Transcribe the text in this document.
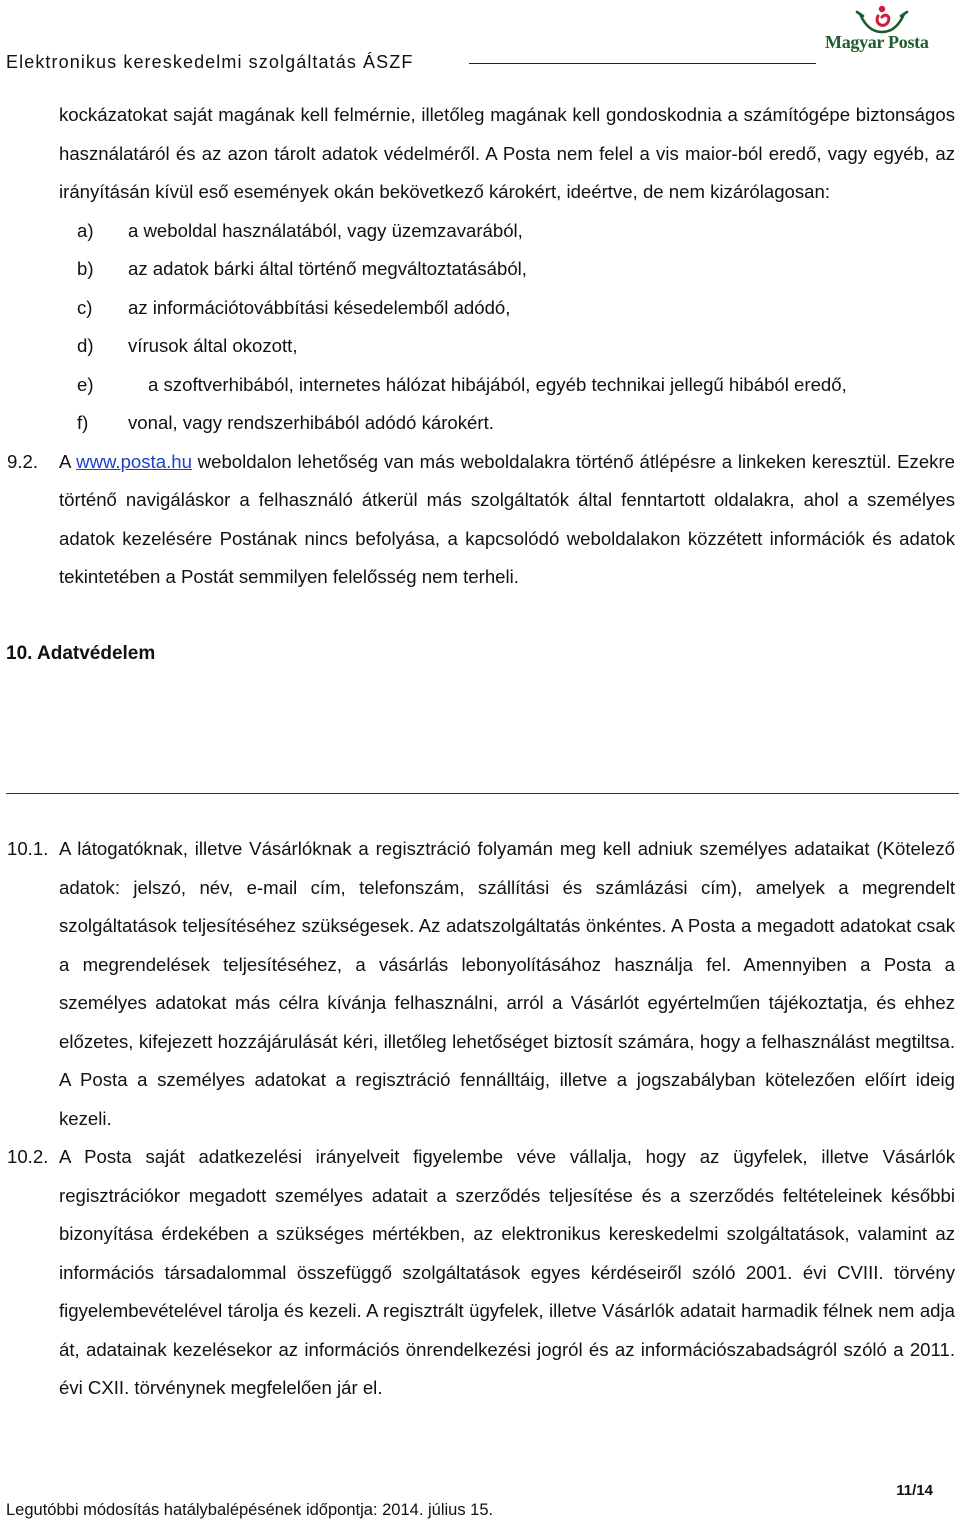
Elektronikus kereskedelmi szolgáltatás ÁSZF
Magyar Posta
kockázatokat saját magának kell felmérnie, illetőleg magának kell gondoskodnia a számítógépe biztonságos használatáról és az azon tárolt adatok védelméről. A Posta nem felel a vis maior-ból eredő, vagy egyéb, az irányításán kívül eső események okán bekövetkező károkért, ideértve, de nem kizárólagosan:
a) a weboldal használatából, vagy üzemzavarából,
b) az adatok bárki által történő megváltoztatásából,
c) az információtovábbítási késedelemből adódó,
d) vírusok által okozott,
e)	a szoftverhibából, internetes hálózat hibájából, egyéb technikai jellegű hibából eredő,
f) vonal, vagy rendszerhibából adódó károkért.
9.2. A www.posta.hu weboldalon lehetőség van más weboldalakra történő átlépésre a linkeken keresztül. Ezekre történő navigáláskor a felhasználó átkerül más szolgáltatók által fenntartott oldalakra, ahol a személyes adatok kezelésére Postának nincs befolyása, a kapcsolódó weboldalakon közzétett információk és adatok tekintetében a Postát semmilyen felelősség nem terheli.
10. Adatvédelem
10.1. A látogatóknak, illetve Vásárlóknak a regisztráció folyamán meg kell adniuk személyes adataikat (Kötelező adatok: jelszó, név, e-mail cím, telefonszám, szállítási és számlázási cím), amelyek a megrendelt szolgáltatások teljesítéséhez szükségesek. Az adatszolgáltatás önkéntes. A Posta a megadott adatokat csak a megrendelések teljesítéséhez, a vásárlás lebonyolításához használja fel. Amennyiben a Posta a személyes adatokat más célra kívánja felhasználni, arról a Vásárlót egyértelműen tájékoztatja, és ehhez előzetes, kifejezett hozzájárulását kéri, illetőleg lehetőséget biztosít számára, hogy a felhasználást megtiltsa. A Posta a személyes adatokat a regisztráció fennálltáig, illetve a jogszabályban kötelezően előírt ideig kezeli.
10.2. A Posta saját adatkezelési irányelveit figyelembe véve vállalja, hogy az ügyfelek, illetve Vásárlók regisztrációkor megadott személyes adatait a szerződés teljesítése és a szerződés feltételeinek későbbi bizonyítása érdekében a szükséges mértékben, az elektronikus kereskedelmi szolgáltatások, valamint az információs társadalommal összefüggő szolgáltatások egyes kérdéseiről szóló 2001. évi CVIII. törvény figyelembevételével tárolja és kezeli. A regisztrált ügyfelek, illetve Vásárlók adatait harmadik félnek nem adja át, adatainak kezelésekor az információs önrendelkezési jogról és az információszabadságról szóló a 2011. évi CXII. törvénynek megfelelően jár el.
11/14
Legutóbbi módosítás hatálybalépésének időpontja: 2014. július 15.
